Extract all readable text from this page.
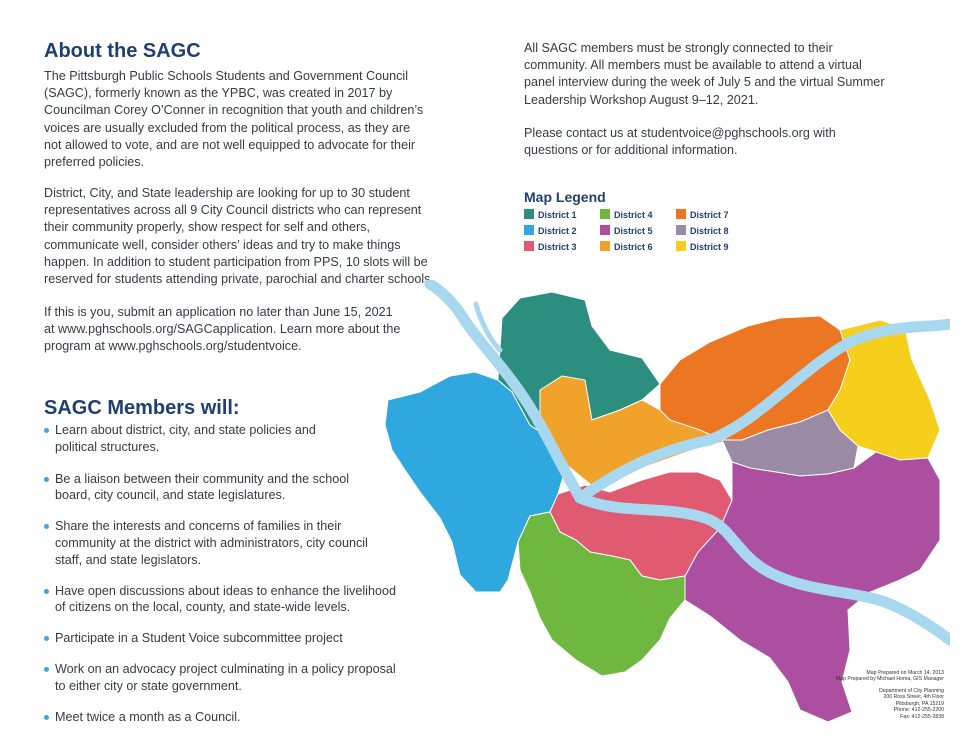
About the SAGC
The Pittsburgh Public Schools Students and Government Council
(SAGC), formerly known as the YPBC, was created in 2017 by
Councilman Corey O’Conner in recognition that youth and children’s
voices are usually excluded from the political process, as they are
not allowed to vote, and are not well equipped to advocate for their
preferred policies.
District, City, and State leadership are looking for up to 30 student
representatives across all 9 City Council districts who can represent
their community properly, show respect for self and others,
communicate well, consider others’ ideas and try to make things
happen. In addition to student participation from PPS, 10 slots will be
reserved for students attending private, parochial and charter schools.
If this is you, submit an application no later than June 15, 2021
at www.pghschools.org/SAGCapplication. Learn more about the
program at www.pghschools.org/studentvoice.
SAGC Members will:
Learn about district, city, and state policies and
political structures.
Be a liaison between their community and the school
board, city council, and state legislatures.
Share the interests and concerns of families in their
community at the district with administrators, city council
staff, and state legislators.
Have open discussions about ideas to enhance the livelihood
of citizens on the local, county, and state-wide levels.
Participate in a Student Voice subcommittee project
Work on an advocacy project culminating in a policy proposal
to either city or state government.
Meet twice a month as a Council.
All SAGC members must be strongly connected to their
community. All members must be available to attend a virtual
panel interview during the week of July 5 and the virtual Summer
Leadership Workshop August 9–12, 2021.
Please contact us at studentvoice@pghschools.org with
questions or for additional information.
Map Legend
District 1
District 2
District 3
District 4
District 5
District 6
District 7
District 8
District 9
Map Prepared on March 14, 2013
Map Prepared by Michael Homa, GIS Manager
Department of City Planning
200 Ross Street, 4th Floor
Pittsburgh, PA 15219
Phone: 412-255-2200
Fax: 412-255-2838
